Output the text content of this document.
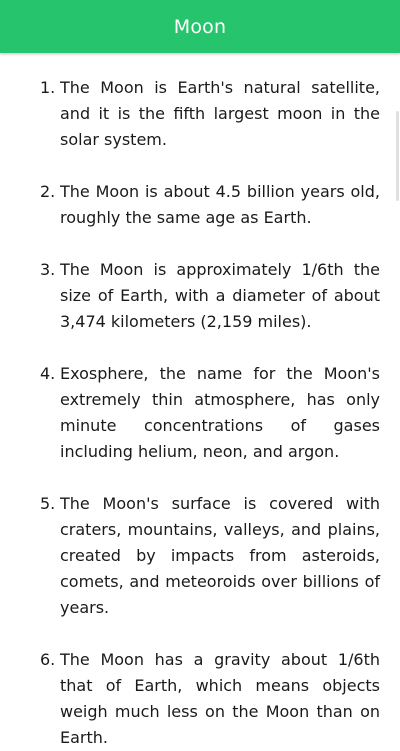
Moon
1. The Moon is Earth's natural satellite, and it is the fifth largest moon in the solar system.
2. The Moon is about 4.5 billion years old, roughly the same age as Earth.
3. The Moon is approximately 1/6th the size of Earth, with a diameter of about 3,474 kilometers (2,159 miles).
4. Exosphere, the name for the Moon's extremely thin atmosphere, has only minute concentrations of gases including helium, neon, and argon.
5. The Moon's surface is covered with craters, mountains, valleys, and plains, created by impacts from asteroids, comets, and meteoroids over billions of years.
6. The Moon has a gravity about 1/6th that of Earth, which means objects weigh much less on the Moon than on Earth.
